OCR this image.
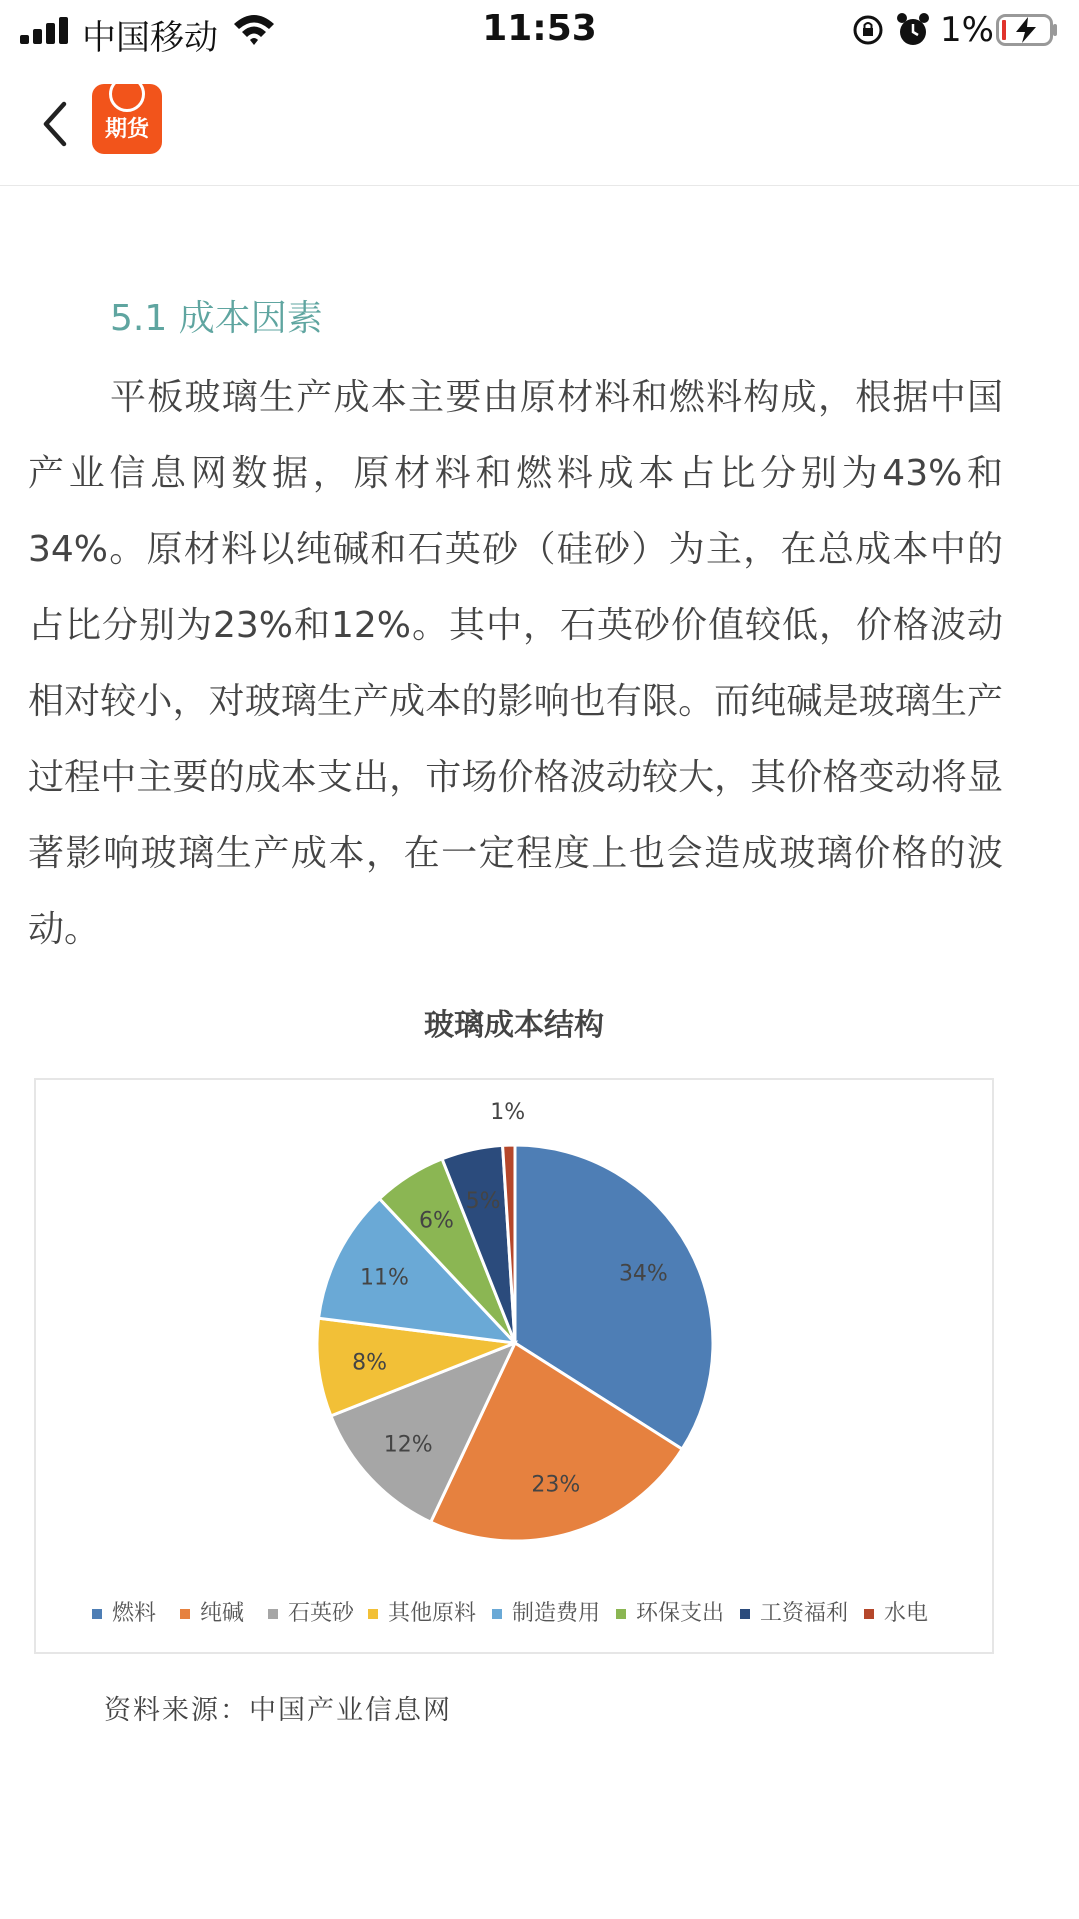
中国移动	11:53	1%
期货
5.1 成本因素
平板玻璃生产成本主要由原材料和燃料构成，根据中国产业信息网数据，原材料和燃料成本占比分别为43%和34%。原材料以纯碱和石英砂（硅砂）为主，在总成本中的占比分别为23%和12%。其中，石英砂价值较低，价格波动相对较小，对玻璃生产成本的影响也有限。而纯碱是玻璃生产过程中主要的成本支出，市场价格波动较大，其价格变动将显著影响玻璃生产成本，在一定程度上也会造成玻璃价格的波动。
玻璃成本结构
34%
23%
12%
8%
11%
6%
5%
1%
燃料	纯碱	石英砂	其他原料	制造费用	环保支出	工资福利	水电
资料来源：中国产业信息网
